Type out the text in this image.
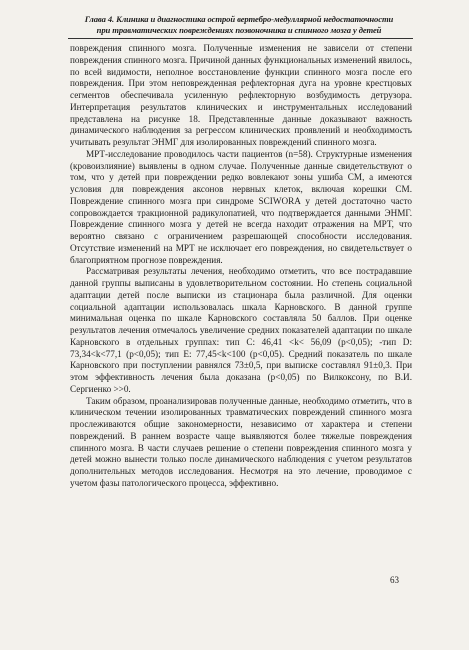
Глава 4. Клиника и диагностика острой вертебро-медуллярной недостаточности
при травматических повреждениях позвоночника и спинного мозга у детей

повреждения спинного мозга. Полученные изменения не зависели от степени повреждения спинного мозга. Причиной данных функциональных изменений явилось, по всей видимости, неполное восстановление функции спинного мозга после его повреждения. При этом неповрежденная рефлекторная дуга на уровне крестцовых сегментов обеспечивала усиленную рефлекторную возбудимость детрузора. Интерпретация результатов клинических и инструментальных исследований представлена на рисунке 18. Представленные данные доказывают важность динамического наблюдения за регрессом клинических проявлений и необходимость учитывать результат ЭНМГ для изолированных повреждений спинного мозга.

МРТ-исследование проводилось части пациентов (n=58). Структурные изменения (кровоизлияние) выявлены в одном случае. Полученные данные свидетельствуют о том, что у детей при повреждении редко вовлекают зоны ушиба СМ, а имеются условия для повреждения аксонов нервных клеток, включая корешки СМ. Повреждение спинного мозга при синдроме SCIWORA у детей достаточно часто сопровождается тракционной радикулопатией, что подтверждается данными ЭНМГ. Повреждение спинного мозга у детей не всегда находит отражения на МРТ, что вероятно связано с ограничением разрешающей способности исследования. Отсутствие изменений на МРТ не исключает его повреждения, но свидетельствует о благоприятном прогнозе повреждения.

Рассматривая результаты лечения, необходимо отметить, что все пострадавшие данной группы выписаны в удовлетворительном состоянии. Но степень социальной адаптации детей после выписки из стационара была различной. Для оценки социальной адаптации использовалась шкала Карновского. В данной группе минимальная оценка по шкале Карновского составляла 50 баллов. При оценке результатов лечения отмечалось увеличение средних показателей адаптации по шкале Карновского в отдельных группах: тип С: 46,41 <k< 56,09 (р<0,05); -тип D: 73,34<k<77,1 (р<0,05); тип Е: 77,45<k<100 (р<0,05). Средний показатель по шкале Карновского при поступлении равнялся 73±0,5, при выписке составлял 91±0,3. При этом эффективность лечения была доказана (р<0,05) по Вилкоксону, по В.И. Сергиенко >>0.

Таким образом, проанализировав полученные данные, необходимо отметить, что в клиническом течении изолированных травматических повреждений спинного мозга прослеживаются общие закономерности, независимо от характера и степени повреждений. В раннем возрасте чаще выявляются более тяжелые повреждения спинного мозга. В части случаев решение о степени повреждения спинного мозга у детей можно вынести только после динамического наблюдения с учетом результатов дополнительных методов исследования. Несмотря на это лечение, проводимое с учетом фазы патологического процесса, эффективно.

63
